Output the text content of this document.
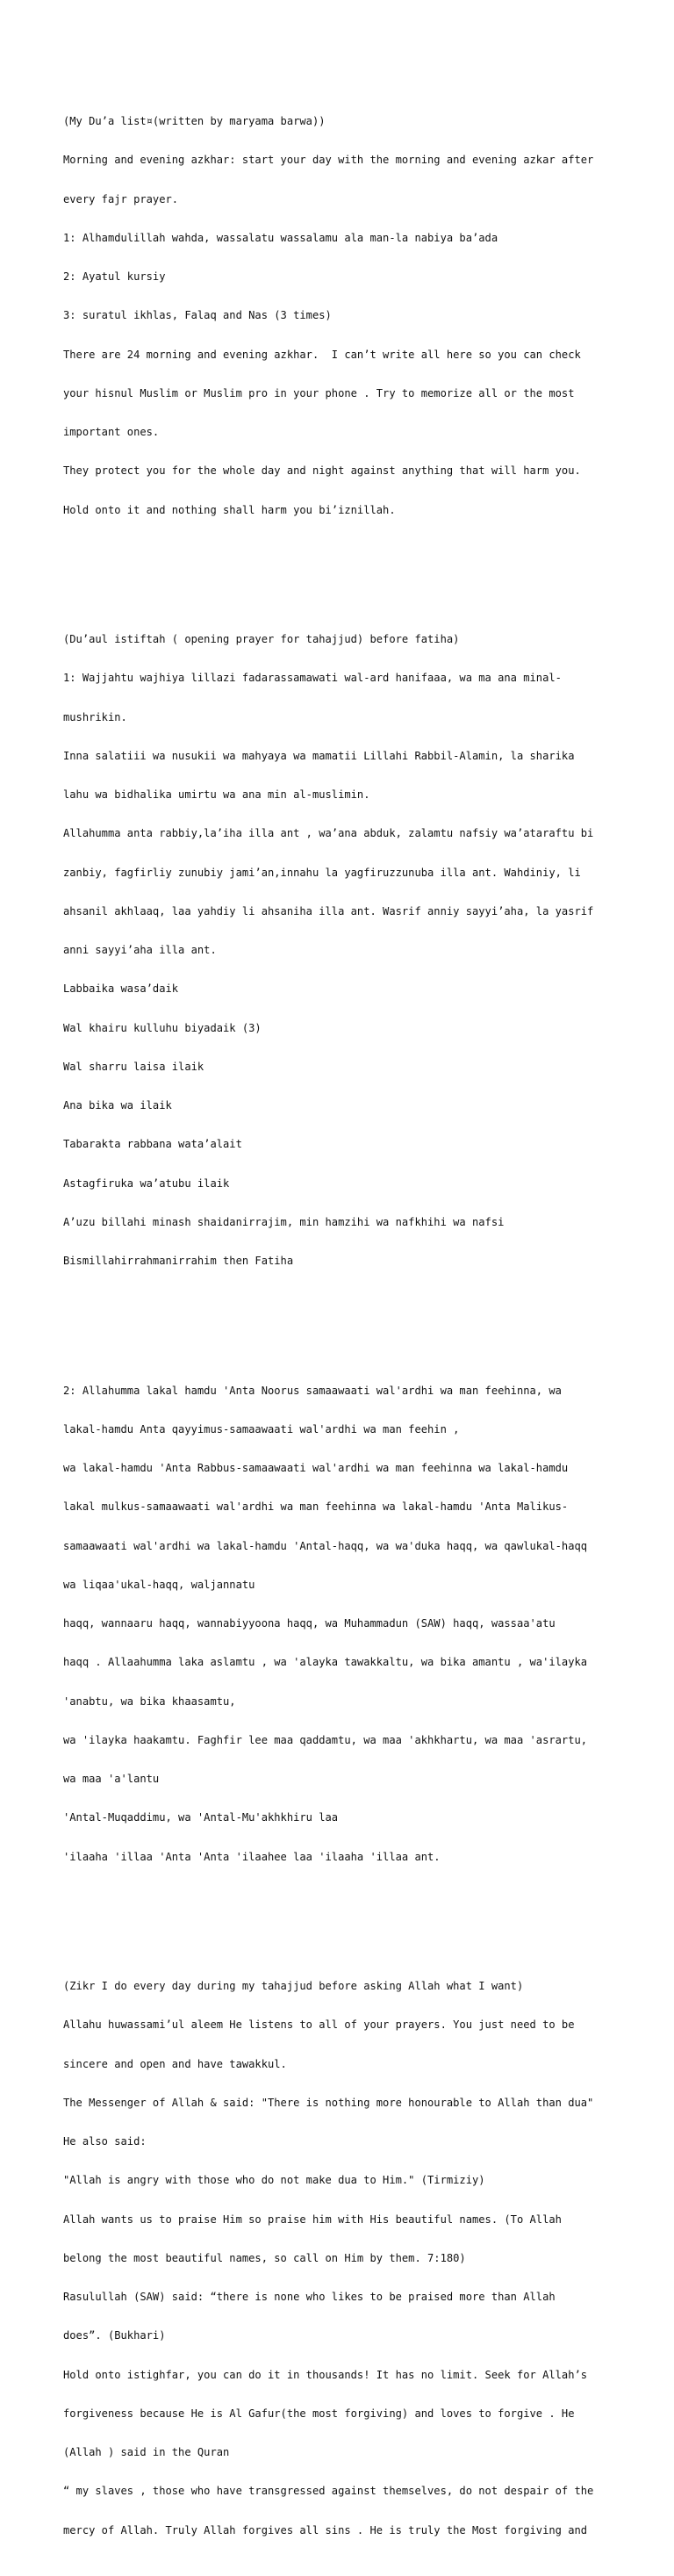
(My Du’a list¤(written by maryama barwa))

Morning and evening azkhar: start your day with the morning and evening azkar after

every fajr prayer.

1: Alhamdulillah wahda, wassalatu wassalamu ala man-la nabiya ba’ada

2: Ayatul kursiy

3: suratul ikhlas, Falaq and Nas (3 times)

There are 24 morning and evening azkhar.  I can’t write all here so you can check

your hisnul Muslim or Muslim pro in your phone . Try to memorize all or the most

important ones.

They protect you for the whole day and night against anything that will harm you.

Hold onto it and nothing shall harm you bi’iznillah.

(Du’aul istiftah ( opening prayer for tahajjud) before fatiha)

1: Wajjahtu wajhiya lillazi fadarassamawati wal-ard hanifaaa, wa ma ana minal-

mushrikin.

Inna salatiii wa nusukii wa mahyaya wa mamatii Lillahi Rabbil-Alamin, la sharika

lahu wa bidhalika umirtu wa ana min al-muslimin.

Allahumma anta rabbiy,la’iha illa ant , wa’ana abduk, zalamtu nafsiy wa’ataraftu bi

zanbiy, fagfirliy zunubiy jami’an,innahu la yagfiruzzunuba illa ant. Wahdiniy, li

ahsanil akhlaaq, laa yahdiy li ahsaniha illa ant. Wasrif anniy sayyi’aha, la yasrif

anni sayyi’aha illa ant.

Labbaika wasa’daik

Wal khairu kulluhu biyadaik (3)

Wal sharru laisa ilaik

Ana bika wa ilaik

Tabarakta rabbana wata’alait

Astagfiruka wa’atubu ilaik

A’uzu billahi minash shaidanirrajim, min hamzihi wa nafkhihi wa nafsi

Bismillahirrahmanirrahim then Fatiha

2: Allahumma lakal hamdu 'Anta Noorus samaawaati wal'ardhi wa man feehinna, wa

lakal-hamdu Anta qayyimus-samaawaati wal'ardhi wa man feehin ,

wa lakal-hamdu 'Anta Rabbus-samaawaati wal'ardhi wa man feehinna wa lakal-hamdu

lakal mulkus-samaawaati wal'ardhi wa man feehinna wa lakal-hamdu 'Anta Malikus-

samaawaati wal'ardhi wa lakal-hamdu 'Antal-haqq, wa wa'duka haqq, wa qawlukal-haqq

wa liqaa'ukal-haqq, waljannatu

haqq, wannaaru haqq, wannabiyyoona haqq, wa Muhammadun (SAW) haqq, wassaa'atu

haqq . Allaahumma laka aslamtu , wa 'alayka tawakkaltu, wa bika amantu , wa'ilayka

'anabtu, wa bika khaasamtu,

wa 'ilayka haakamtu. Faghfir lee maa qaddamtu, wa maa 'akhkhartu, wa maa 'asrartu,

wa maa 'a'lantu

'Antal-Muqaddimu, wa 'Antal-Mu'akhkhiru laa

'ilaaha 'illaa 'Anta 'Anta 'ilaahee laa 'ilaaha 'illaa ant.

(Zikr I do every day during my tahajjud before asking Allah what I want)

Allahu huwassami’ul aleem He listens to all of your prayers. You just need to be

sincere and open and have tawakkul.

The Messenger of Allah & said: "There is nothing more honourable to Allah than dua"

He also said:

"Allah is angry with those who do not make dua to Him." (Tirmiziy)

Allah wants us to praise Him so praise him with His beautiful names. (To Allah

belong the most beautiful names, so call on Him by them. 7:180)

Rasulullah (SAW) said: “there is none who likes to be praised more than Allah

does”. (Bukhari)

Hold onto istighfar, you can do it in thousands! It has no limit. Seek for Allah’s

forgiveness because He is Al Gafur(the most forgiving) and loves to forgive . He

(Allah ) said in the Quran

“ my slaves , those who have transgressed against themselves, do not despair of the

mercy of Allah. Truly Allah forgives all sins . He is truly the Most forgiving and
